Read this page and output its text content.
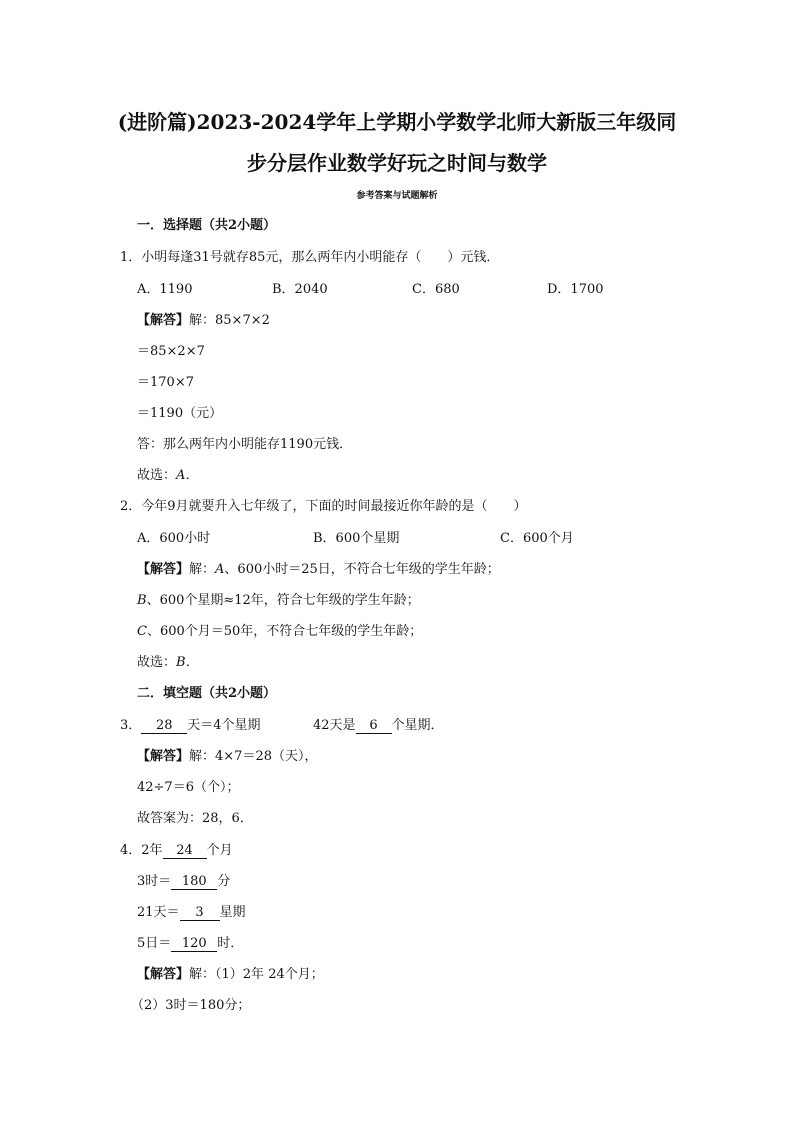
(进阶篇)2023-2024学年上学期小学数学北师大新版三年级同
步分层作业数学好玩之时间与数学
参考答案与试题解析
一．选择题（共2小题）
1．小明每逢31号就存85元，那么两年内小明能存（　　）元钱．
A．1190	B．2040	C．680	D．1700
【解答】解：85×7×2
＝85×2×7
＝170×7
＝1190（元）
答：那么两年内小明能存1190元钱．
故选：A．
2．今年9月就要升入七年级了，下面的时间最接近你年龄的是（　　）
A．600小时	B．600个星期	C．600个月
【解答】解：A、600小时＝25日，不符合七年级的学生年龄；
B、600个星期≈12年，符合七年级的学生年龄；
C、600个月＝50年，不符合七年级的学生年龄；
故选：B．
二．填空题（共2小题）
3． 28 天＝4个星期	42天是 6 个星期．
【解答】解：4×7＝28（天），
42÷7＝6（个）；
故答案为：28，6．
4．2年 24 个月
3时＝ 180 分
21天＝ 3 星期
5日＝ 120 时．
【解答】解：（1）2年 24个月；
（2）3时＝180分；
